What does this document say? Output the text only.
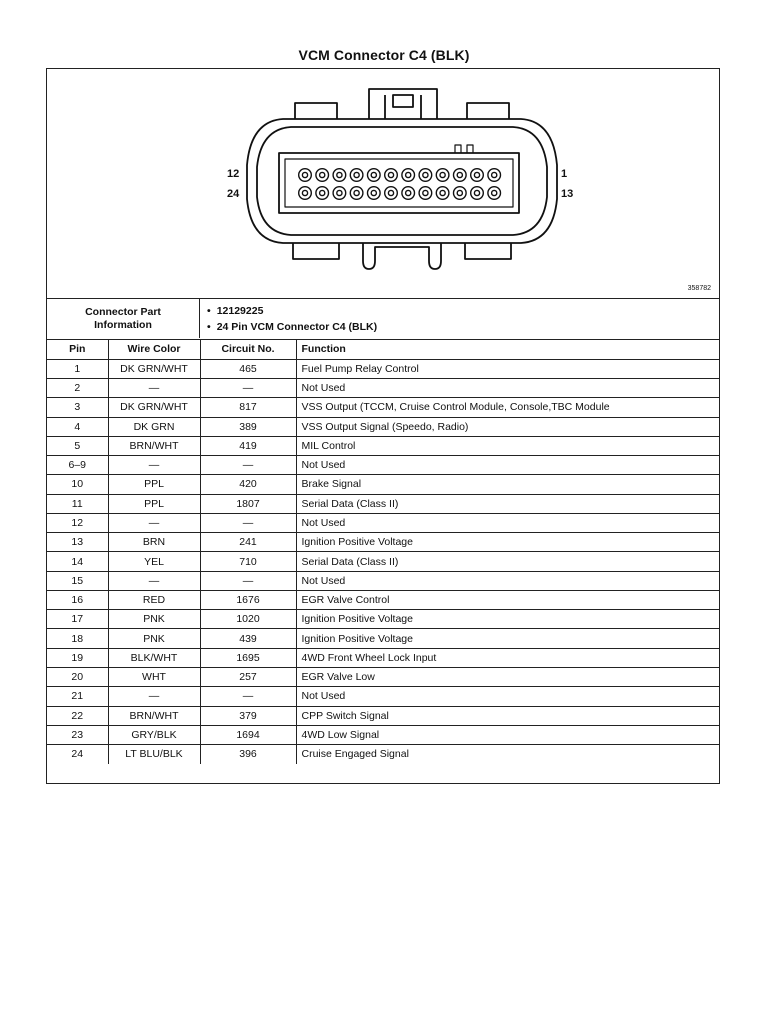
VCM Connector C4 (BLK)
12
24
1
13
358782
Connector Part
Information
• 12129225
• 24 Pin VCM Connector C4 (BLK)
Pin	Wire Color	Circuit No.	Function
1	DK GRN/WHT	465	Fuel Pump Relay Control
2	—	—	Not Used
3	DK GRN/WHT	817	VSS Output (TCCM, Cruise Control Module, Console,TBC Module
4	DK GRN	389	VSS Output Signal (Speedo, Radio)
5	BRN/WHT	419	MIL Control
6–9	—	—	Not Used
10	PPL	420	Brake Signal
11	PPL	1807	Serial Data (Class II)
12	—	—	Not Used
13	BRN	241	Ignition Positive Voltage
14	YEL	710	Serial Data (Class II)
15	—	—	Not Used
16	RED	1676	EGR Valve Control
17	PNK	1020	Ignition Positive Voltage
18	PNK	439	Ignition Positive Voltage
19	BLK/WHT	1695	4WD Front Wheel Lock Input
20	WHT	257	EGR Valve Low
21	—	—	Not Used
22	BRN/WHT	379	CPP Switch Signal
23	GRY/BLK	1694	4WD Low Signal
24	LT BLU/BLK	396	Cruise Engaged Signal
